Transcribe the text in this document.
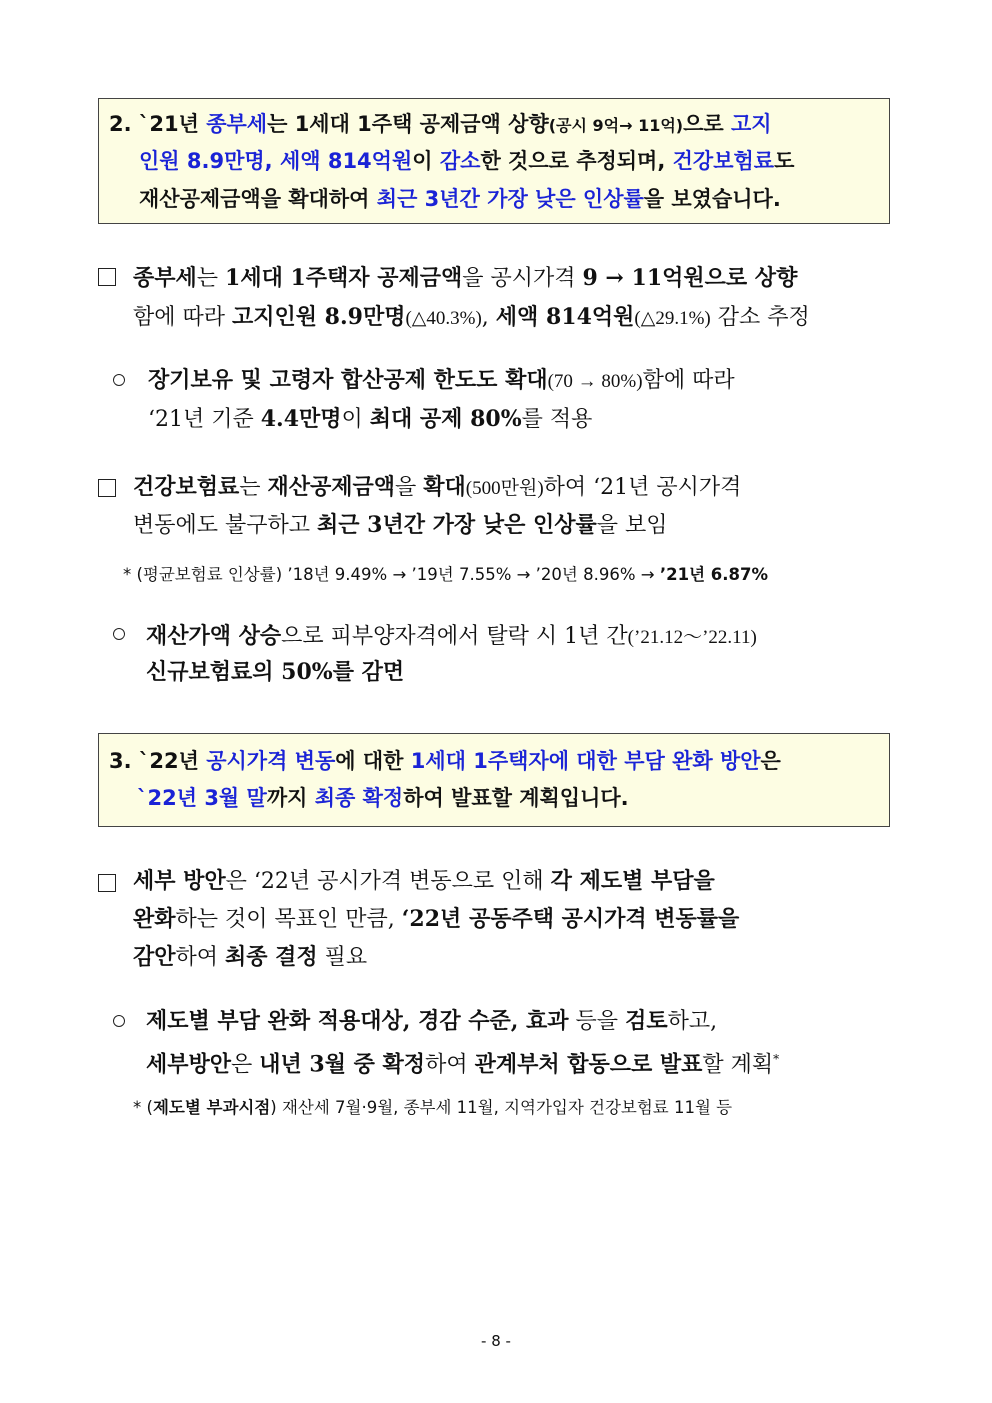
2. `21년 종부세는 1세대 1주택 공제금액 상향(공시 9억→ 11억)으로 고지
인원 8.9만명, 세액 814억원이 감소한 것으로 추정되며, 건강보험료도
재산공제금액을 확대하여 최근 3년간 가장 낮은 인상률을 보였습니다.
종부세는 1세대 1주택자 공제금액을 공시가격 9 → 11억원으로 상향
함에 따라 고지인원 8.9만명(△40.3%), 세액 814억원(△29.1%) 감소 추정
장기보유 및 고령자 합산공제 한도도 확대(70 → 80%)함에 따라
‘21년 기준 4.4만명이 최대 공제 80%를 적용
건강보험료는 재산공제금액을 확대(500만원)하여 ‘21년 공시가격
변동에도 불구하고 최근 3년간 가장 낮은 인상률을 보임
* (평균보험료 인상률) ’18년 9.49% → ’19년 7.55% → ’20년 8.96% → ’21년 6.87%
재산가액 상승으로 피부양자격에서 탈락 시 1년 간(’21.12～’22.11)
신규보험료의 50%를 감면
3. `22년 공시가격 변동에 대한 1세대 1주택자에 대한 부담 완화 방안은
`22년 3월 말까지 최종 확정하여 발표할 계획입니다.
세부 방안은 ‘22년 공시가격 변동으로 인해 각 제도별 부담을
완화하는 것이 목표인 만큼, ‘22년 공동주택 공시가격 변동률을
감안하여 최종 결정 필요
제도별 부담 완화 적용대상, 경감 수준, 효과 등을 검토하고,
세부방안은 내년 3월 중 확정하여 관계부처 합동으로 발표할 계획*
* (제도별 부과시점) 재산세 7월·9월, 종부세 11월, 지역가입자 건강보험료 11월 등
- 8 -
